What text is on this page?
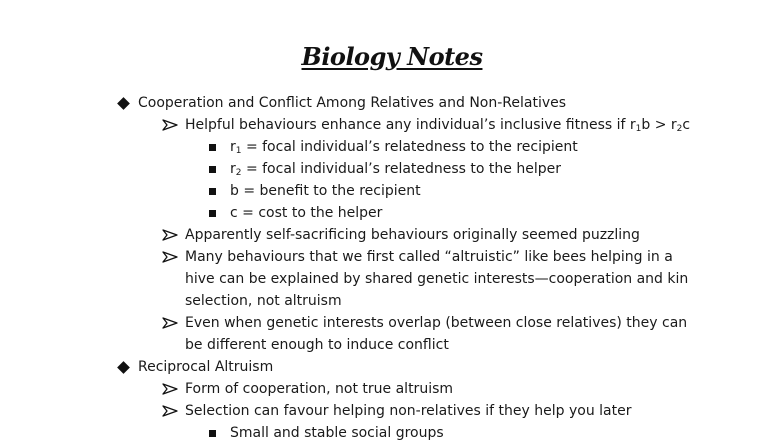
Biology Notes
Cooperation and Conflict Among Relatives and Non-Relatives
Helpful behaviours enhance any individual’s inclusive fitness if $r_1b > r_2c$
$r_1$ = focal individual’s relatedness to the recipient
$r_2$ = focal individual’s relatedness to the helper
b = benefit to the recipient
c = cost to the helper
Apparently self-sacrificing behaviours originally seemed puzzling
Many behaviours that we first called “altruistic” like bees helping in a
hive can be explained by shared genetic interests—cooperation and kin
selection, not altruism
Even when genetic interests overlap (between close relatives) they can
be different enough to induce conflict
Reciprocal Altruism
Form of cooperation, not true altruism
Selection can favour helping non-relatives if they help you later
Small and stable social groups
